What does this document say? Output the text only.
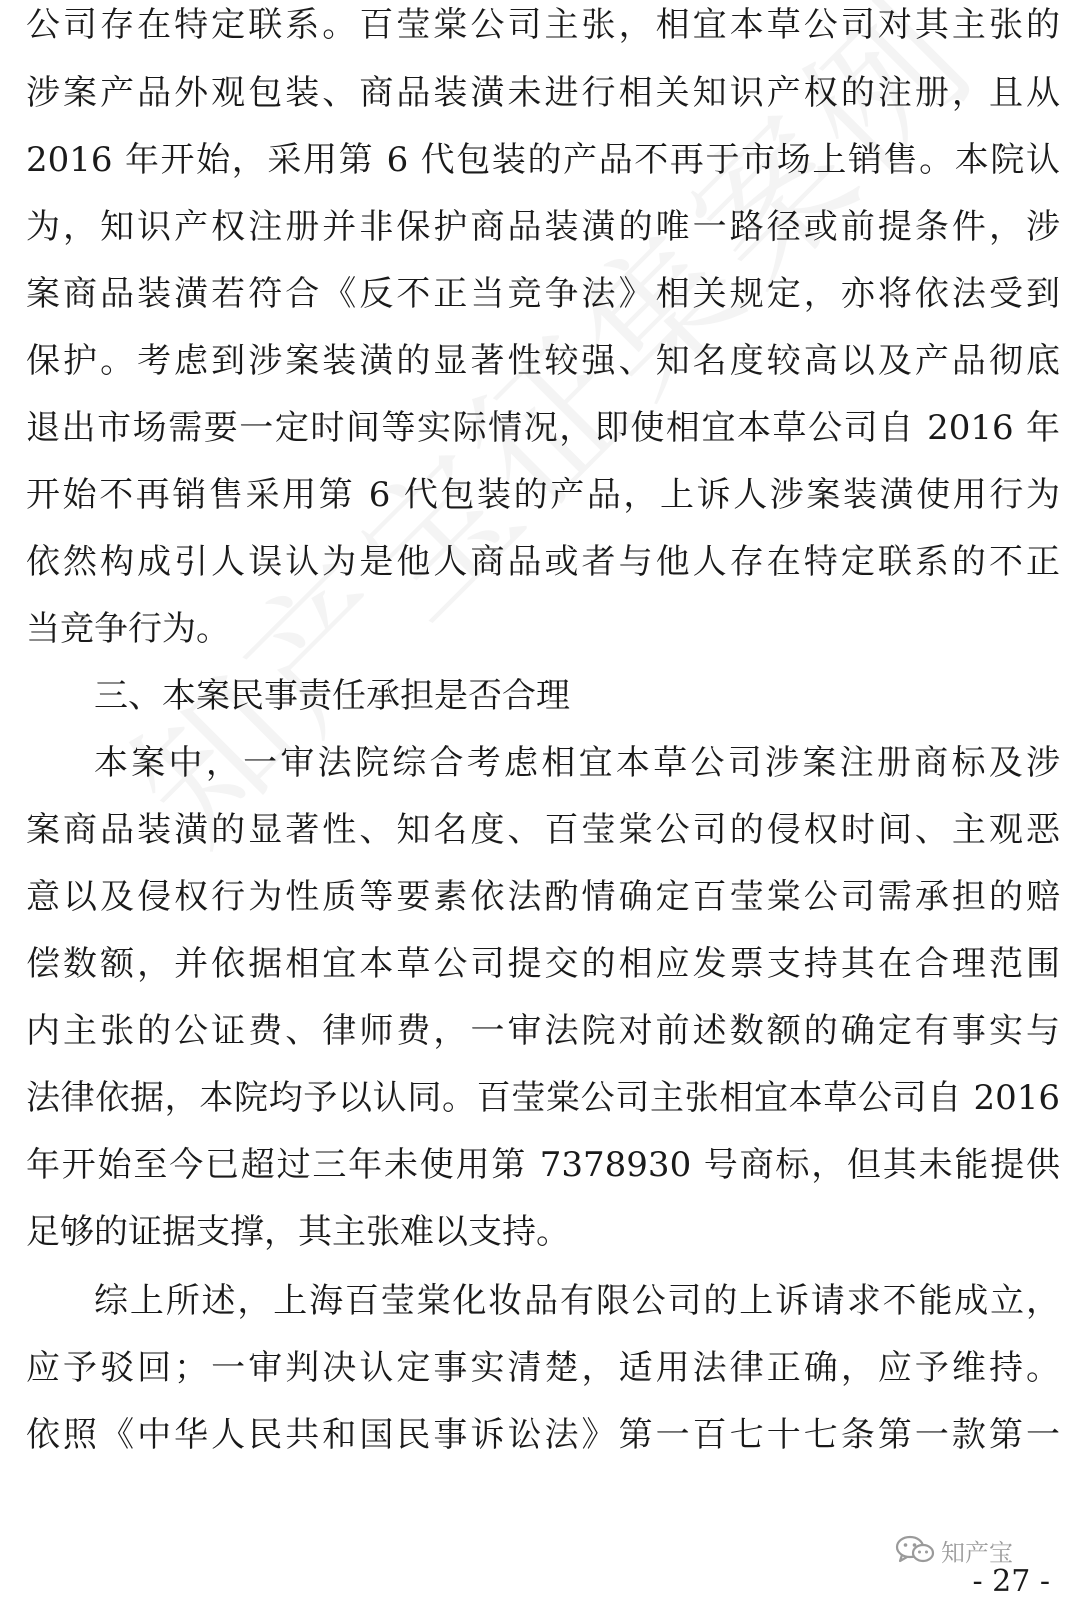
公司存在特定联系。百莹棠公司主张，相宜本草公司对其主张的
涉案产品外观包装、商品装潢未进行相关知识产权的注册，且从
2016 年开始，采用第 6 代包装的产品不再于市场上销售。本院认
为，知识产权注册并非保护商品装潢的唯一路径或前提条件，涉
案商品装潢若符合《反不正当竞争法》相关规定，亦将依法受到
保护。考虑到涉案装潢的显著性较强、知名度较高以及产品彻底
退出市场需要一定时间等实际情况，即使相宜本草公司自 2016 年
开始不再销售采用第 6 代包装的产品，上诉人涉案装潢使用行为
依然构成引人误认为是他人商品或者与他人存在特定联系的不正
当竞争行为。
三、本案民事责任承担是否合理
本案中，一审法院综合考虑相宜本草公司涉案注册商标及涉
案商品装潢的显著性、知名度、百莹棠公司的侵权时间、主观恶
意以及侵权行为性质等要素依法酌情确定百莹棠公司需承担的赔
偿数额，并依据相宜本草公司提交的相应发票支持其在合理范围
内主张的公证费、律师费，一审法院对前述数额的确定有事实与
法律依据，本院均予以认同。百莹棠公司主张相宜本草公司自 2016
年开始至今已超过三年未使用第 7378930 号商标，但其未能提供
足够的证据支撑，其主张难以支持。
综上所述，上海百莹棠化妆品有限公司的上诉请求不能成立，
应予驳回；一审判决认定事实清楚，适用法律正确，应予维持。
依照《中华人民共和国民事诉讼法》第一百七十七条第一款第一
知产宝
- 27 -
